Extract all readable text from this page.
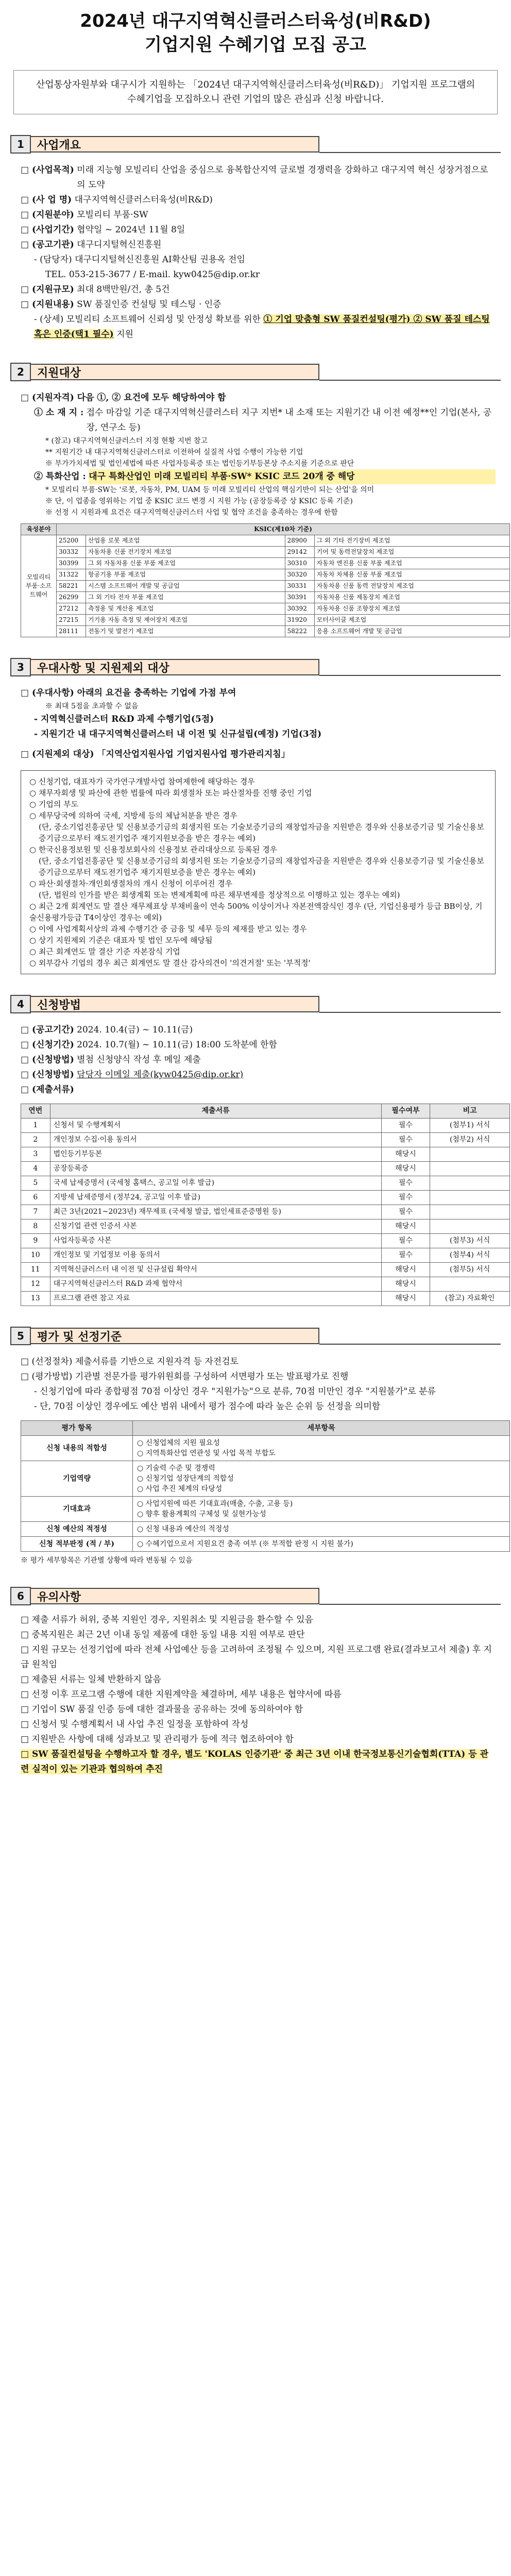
2024년 대구지역혁신클러스터육성(비R&D)

기업지원 수혜기업 모집 공고

산업통상자원부와 대구시가 지원하는 「2024년 대구지역혁신클러스터육성(비R&D)」 기업지원 프로그램의 수혜기업을 모집하오니 관련 기업의 많은 관심과 신청 바랍니다.
1	사업개요
□ (사업목적)
미래 지능형 모빌리티 산업을 중심으로 융복합산지역 글로벌 경쟁력을 강화하고 대구지역 혁신 성장거점으로의 도약
□ (사 업 명)
대구지역혁신클러스터육성(비R&D)
□ (지원분야)
모빌리티 부품·SW
□ (사업기간)
협약일 ~ 2024년 11월 8일
□ (공고기관)
대구디지털혁신진흥원
- (담당자) 대구디지털혁신진흥원 AI확산팀 권용옥 전임
TEL. 053-215-3677 / E-mail. kyw0425@dip.or.kr
□ (지원규모)
최대 8백만원/건, 총 5건
□ (지원내용)
SW 품질인증 컨설팅 및 테스팅 · 인증
- (상세) 모빌리티 소프트웨어 신뢰성 및 안정성 확보를 위한 ① 기업 맞춤형 SW 품질컨설팅(평가) ② SW 품질 테스팅 혹은 인증(택1 필수) 지원
2	지원대상
□ (지원자격) 다음 ①, ② 요건에 모두 해당하여야 함
① 소 재 지 :
접수 마감일 기준 대구지역혁신클러스터 지구 지번* 내 소재 또는 지원기간 내 이전 예정**인 기업(본사, 공장, 연구소 등)
* (참고) 대구지역혁신클러스터 지정 현황 지번 참고
** 지원기간 내 대구지역혁신클러스터로 이전하여 실질적 사업 수행이 가능한 기업
※ 부가가치세법 및 법인세법에 따른 사업자등록증 또는 법인등기부등본상 주소지를 기준으로 판단
② 특화산업 :
대구 특화산업인 미래 모빌리티 부품·SW* KSIC 코드 20개 중 해당
* 모빌리티 부품·SW는 '로봇, 자동차, PM, UAM 등 미래 모빌리티 산업의 핵심기반이 되는 산업'을 의미
※ 단, 이 업종을 영위하는 기업 중 KSIC 코드 변경 시 지원 가능 (공장등록증 상 KSIC 등록 기준)
※ 선정 시 지원과제 요건은 대구지역혁신클러스터 사업 및 협약 조건을 충족하는 경우에 한함
육성분야	KSIC(제10차 기준)			
모빌리티 부품·소프트웨어	25200	산업용 로봇 제조업	28900	그 외 기타 전기장비 제조업
	30332	자동차용 신품 전기장치 제조업	29142	기어 및 동력전달장치 제조업
	30399	그 외 자동차용 신품 부품 제조업	30310	자동차 엔진용 신품 부품 제조업
	31322	항공기용 부품 제조업	30320	자동차 차체용 신품 부품 제조업
	58221	시스템 소프트웨어 개발 및 공급업	30331	자동차용 신품 동력 전달장치 제조업
	26299	그 외 기타 전자 부품 제조업	30391	자동차용 신품 제동장치 제조업
	27212	측정용 및 계산용 제조업	30392	자동차용 신품 조향장치 제조업
	27215	기기용 자동 측정 및 제어장치 제조업	31920	모터사이클 제조업
	28111	전동기 및 발전기 제조업	58222	응용 소프트웨어 개발 및 공급업
3	우대사항 및 지원제외 대상
□ (우대사항) 아래의 요건을 충족하는 기업에 가점 부여
※ 최대 5점을 초과할 수 없음
- 지역혁신클러스터 R&D 과제 수행기업(5점)
- 지원기간 내 대구지역혁신클러스터 내 이전 및 신규설립(예정) 기업(3점)
□ (지원제외 대상) 「지역산업지원사업 기업지원사업 평가관리지침」
○ 신청기업, 대표자가 국가연구개발사업 참여제한에 해당하는 경우
○ 채무자회생 및 파산에 관한 법률에 따라 회생절차 또는 파산절차를 진행 중인 기업
○ 기업의 부도
○ 세무당국에 의하여 국세, 지방세 등의 체납처분을 받은 경우
(단, 중소기업진흥공단 및 신용보증기금의 회생지원 또는 기술보증기금의 재창업자금을 지원받은 경우와 신용보증기금 및 기술신용보증기금으로부터 재도전기업주 재기지원보증을 받은 경우는 예외)
○ 한국신용정보원 및 신용정보회사의 신용정보 관리대상으로 등록된 경우
(단, 중소기업진흥공단 및 신용보증기금의 회생지원 또는 기술보증기금의 재창업자금을 지원받은 경우와 신용보증기금 및 기술신용보증기금으로부터 재도전기업주 재기지원보증을 받은 경우는 예외)
○ 파산·회생절차·개인회생절차의 개시 신청이 이루어진 경우
(단, 법원의 인가를 받은 회생계획 또는 변제계획에 따른 채무변제를 정상적으로 이행하고 있는 경우는 예외)
○ 최근 2개 회계연도 말 결산 재무제표상 부채비율이 연속 500% 이상이거나 자본전액잠식인 경우 (단, 기업신용평가 등급 BB이상, 기술신용평가등급 T4이상인 경우는 예외)
○ 이에 사업계획서상의 과제 수행기간 중 금융 및 세무 등의 제재를 받고 있는 경우
○ 상기 지원제외 기준은 대표자 및 법인 모두에 해당됨
○ 최근 회계연도 말 결산 기준 자본잠식 기업
○ 외부감사 기업의 경우 최근 회계연도 말 결산 감사의견이 '의견거절' 또는 '부적정'
4	신청방법
□ (공고기간)
2024. 10.4(금) ~ 10.11(금)
□ (신청기간)
2024. 10.7(월) ~ 10.11(금) 18:00 도착분에 한함
□ (신청방법)
별첨 신청양식 작성 후 메일 제출
□ (신청방법)
담당자 이메일 제출(kyw0425@dip.or.kr)
□ (제출서류)

연번	제출서류	필수여부	비고
1	신청서 및 수행계획서	필수	(첨부1) 서식
2	개인정보 수집·이용 동의서	필수	(첨부2) 서식
3	법인등기부등본	해당시	
4	공장등록증	해당시	
5	국세 납세증명서 (국세청 홈택스, 공고일 이후 발급)	필수	
6	지방세 납세증명서 (정부24, 공고일 이후 발급)	필수	
7	최근 3년(2021~2023년) 재무제표 (국세청 발급, 법인세표준증명원 등)	필수	
8	신청기업 관련 인증서 사본	해당시	
9	사업자등록증 사본	필수	(첨부3) 서식
10	개인정보 및 기업정보 이용 동의서	필수	(첨부4) 서식
11	지역혁신클러스터 내 이전 및 신규설립 확약서	해당시	(첨부5) 서식
12	대구지역혁신클러스터 R&D 과제 협약서	해당시	
13	프로그램 관련 참고 자료	해당시	(참고) 자료확인
5	평가 및 선정기준
□ (선정절차) 제출서류를 기반으로 지원자격 등 자전검토
□ (평가방법) 기관별 전문가를 평가위원회를 구성하여 서면평가 또는 발표평가로 진행
- 신청기업에 따라 종합평점 70점 이상인 경우 "지원가능"으로 분류, 70점 미만인 경우 "지원불가"로 분류
- 단, 70점 이상인 경우에도 예산 범위 내에서 평가 점수에 따라 높은 순위 등 선정을 의미함
평가 항목	세부항목
신청 내용의 적합성	○ 신청업체의 지원 필요성
○ 지역특화산업 연관성 및 사업 목적 부합도
기업역량	○ 기술력 수준 및 경쟁력
○ 신청기업 성장단계의 적합성
○ 사업 추진 체계의 타당성
기대효과	○ 사업지원에 따른 기대효과(매출, 수출, 고용 등)
○ 향후 활용계획의 구체성 및 실현가능성
신청 예산의 적정성	○ 신청 내용과 예산의 적정성
신청 적부판정 (적 / 부)	○ 수혜기업으로서 지원요건 충족 여부 (※ 부적합 판정 시 지원 불가)
※ 평가 세부항목은 기관별 상황에 따라 변동될 수 있음
6	유의사항
□ 제출 서류가 허위, 중복 지원인 경우, 지원취소 및 지원금을 환수할 수 있음
□ 중복지원은 최근 2년 이내 동일 제품에 대한 동일 내용 지원 여부로 판단
□ 지원 규모는 선정기업에 따라 전체 사업예산 등을 고려하여 조정될 수 있으며, 지원 프로그램 완료(결과보고서 제출) 후 지급 원칙임
□ 제출된 서류는 일체 반환하지 않음
□ 선정 이후 프로그램 수행에 대한 지원계약을 체결하며, 세부 내용은 협약서에 따름
□ 기업이 SW 품질 인증 등에 대한 결과물을 공유하는 것에 동의하여야 함
□ 신청서 및 수행계획서 내 사업 추진 일정을 포함하여 작성
□ 지원받은 사항에 대해 성과보고 및 관리평가 등에 적극 협조하여야 함
□ SW 품질컨설팅을 수행하고자 할 경우, 별도 'KOLAS 인증기관' 중 최근 3년 이내 한국정보통신기술협회(TTA) 등 관련 실적이 있는 기관과 협의하여 추진
